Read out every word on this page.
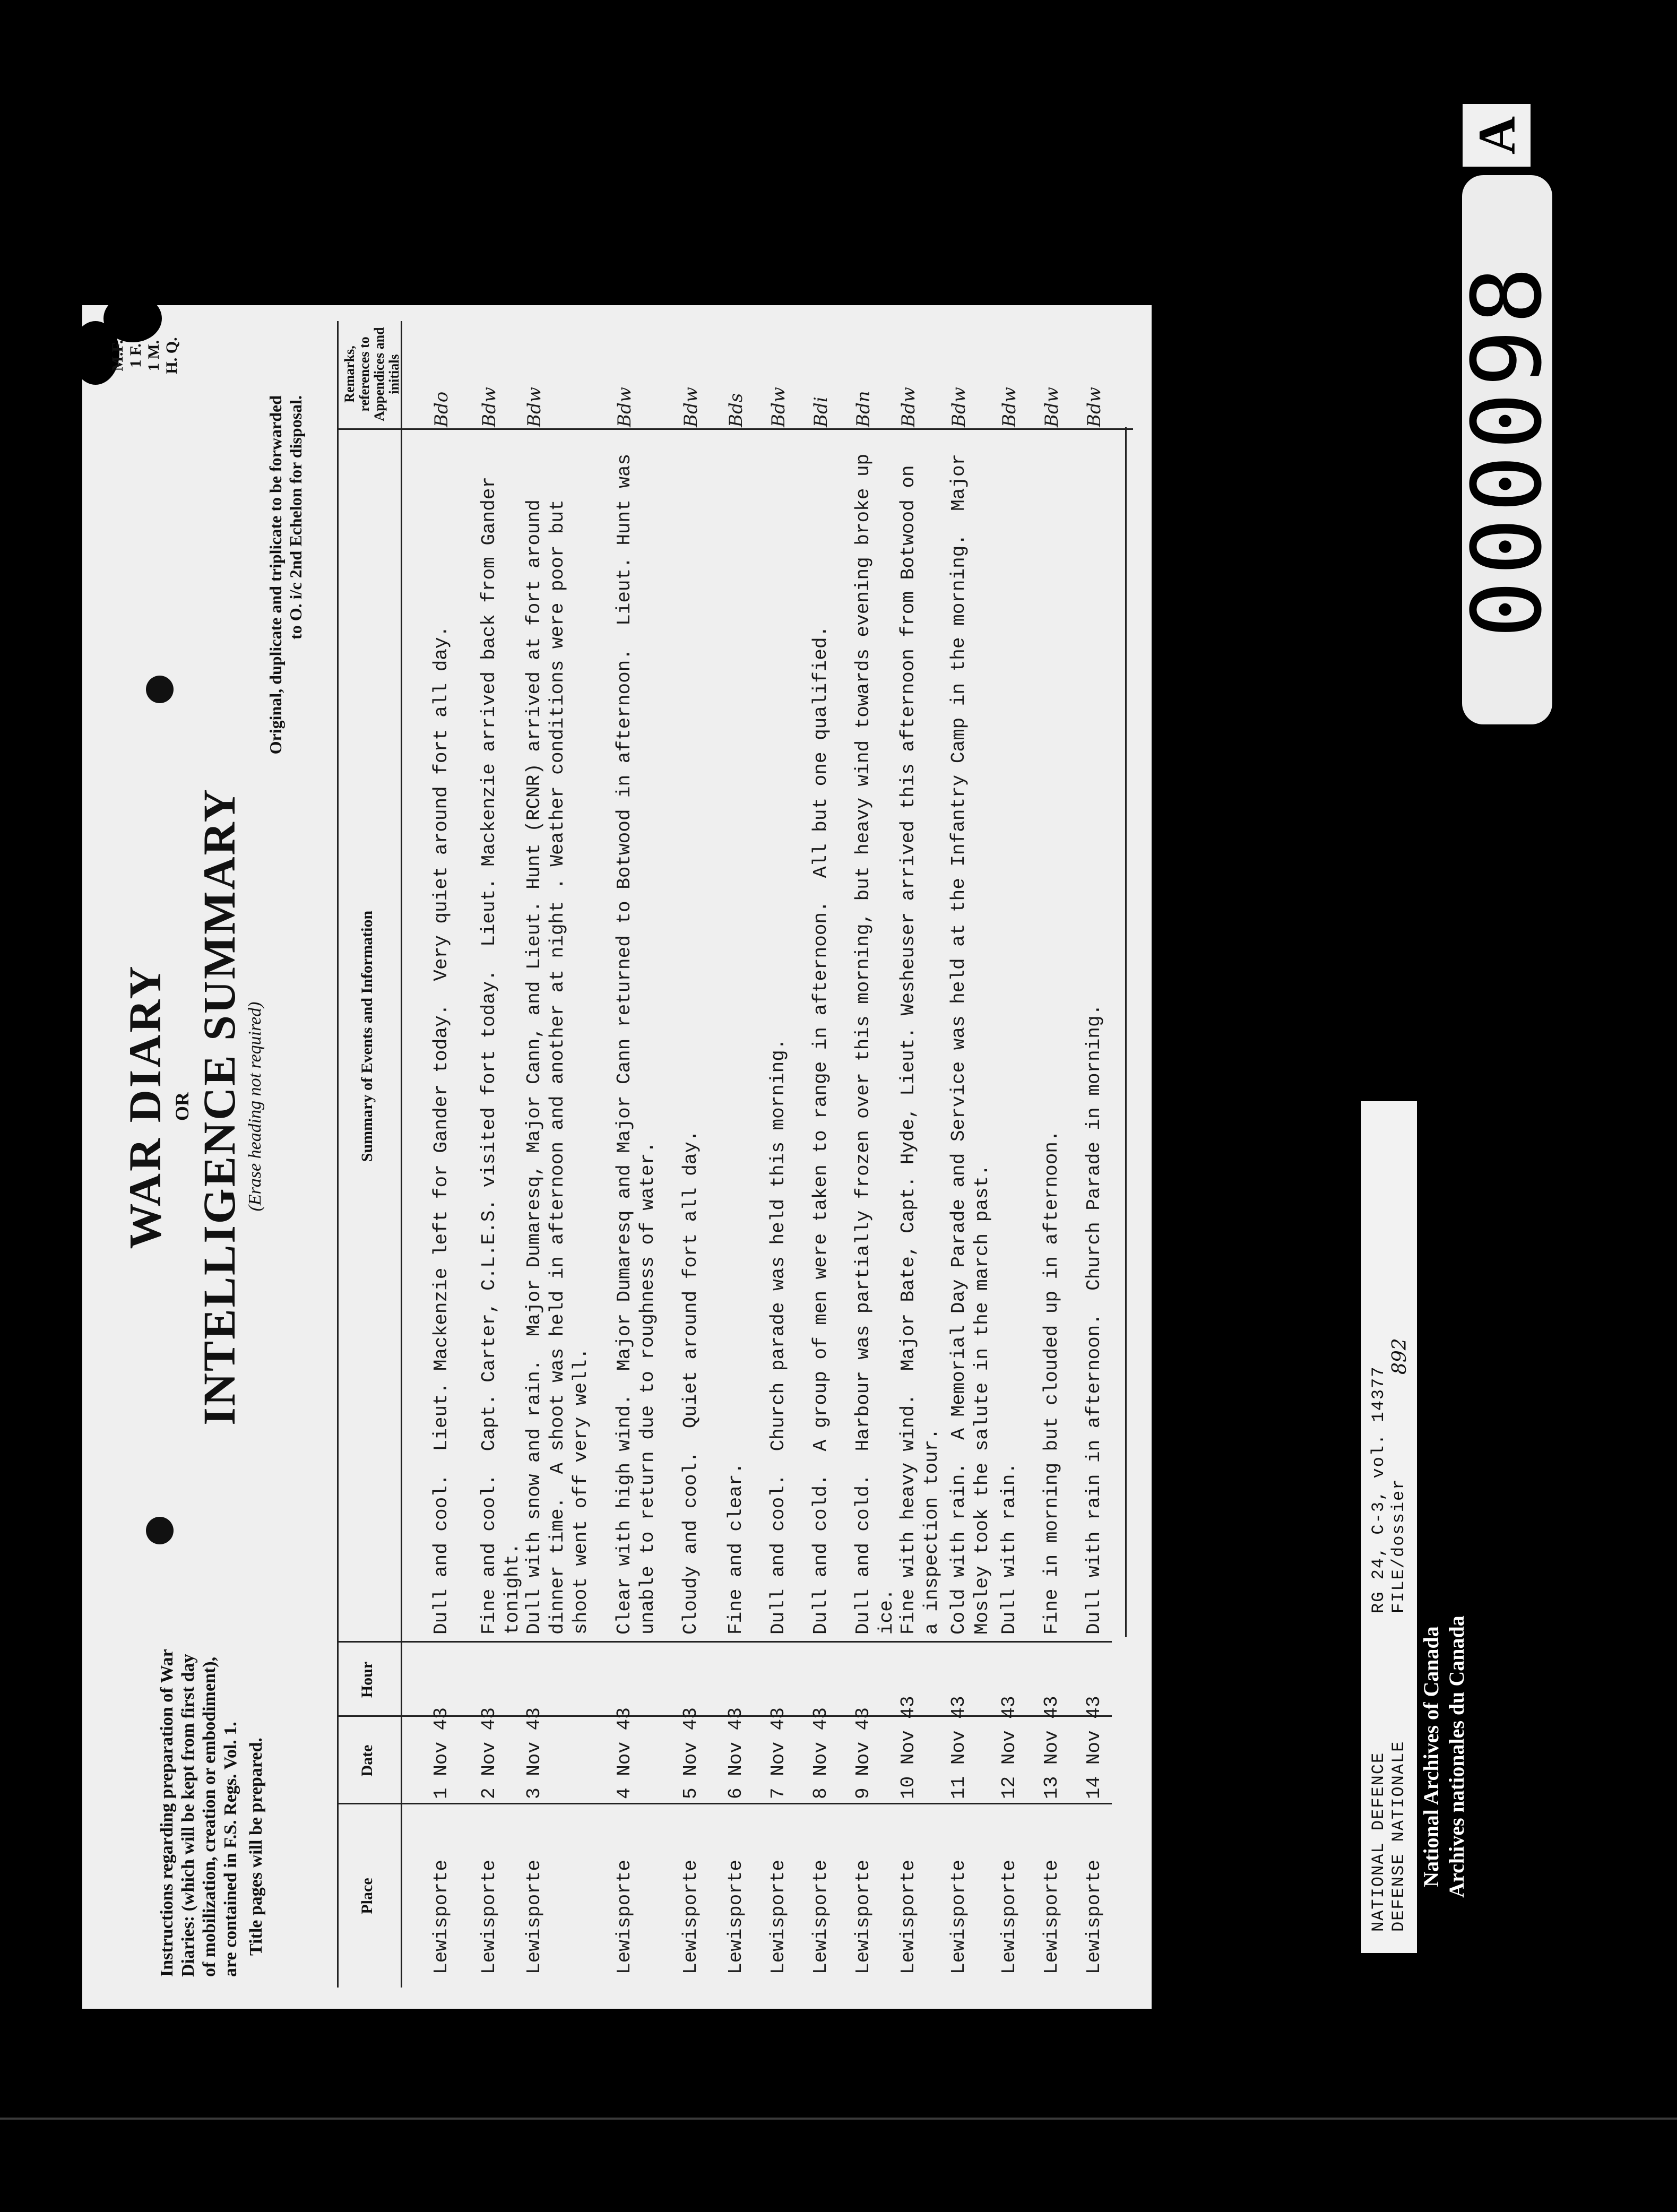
M.F. 1 F. 1 M. H. Q.
Instructions regarding preparation of War Diaries: (which will be kept from first day of mobilization, creation or embodiment), are contained in F.S. Regs. Vol. 1. Title pages will be prepared.
WAR DIARY OR INTELLIGENCE SUMMARY (Erase heading not required)
Original, duplicate and triplicate to be forwarded to O. i/c 2nd Echelon for disposal.
Place
Date
Hour
Summary of Events and Information
Remarks, references to Appendices and initials
Lewisporte
1 Nov 43
Dull and cool.  Lieut. Mackenzie left for Gander today.  Very quiet around fort all day.
Bdo
Lewisporte
2 Nov 43
Fine and cool.  Capt. Carter, C.L.E.S. visited fort today.  Lieut. Mackenzie arrived back from Gander tonight.
Bdw
Lewisporte
3 Nov 43
Dull with snow and rain.  Major Dumaresq, Major Cann, and Lieut. Hunt (RCNR) arrived at fort around dinner time.  A shoot was held in afternoon and another at night . Weather conditions were poor but shoot went off very well.
Bdw
Lewisporte
4 Nov 43
Clear with high wind.  Major Dumaresq and Major Cann returned to Botwood in afternoon.  Lieut. Hunt was unable to return due to roughness of water.
Bdw
Lewisporte
5 Nov 43
Cloudy and cool.  Quiet around fort all day.
Bdw
Lewisporte
6 Nov 43
Fine and clear.
Bds
Lewisporte
7 Nov 43
Dull and cool.  Church parade was held this morning.
Bdw
Lewisporte
8 Nov 43
Dull and cold.  A group of men were taken to range in afternoon.  All but one qualified.
Bdi
Lewisporte
9 Nov 43
Dull and cold.  Harbour was partially frozen over this morning, but heavy wind towards evening broke up ice.
Bdn
Lewisporte
10 Nov 43
Fine with heavy wind.  Major Bate, Capt. Hyde, Lieut. Wesheuser arrived this afternoon from Botwood on a inspection tour.
Bdw
Lewisporte
11 Nov 43
Cold with rain.  A Memorial Day Parade and Service was held at the Infantry Camp in the morning.  Major Mosley took the salute in the march past.
Bdw
Lewisporte
12 Nov 43
Dull with rain.
Bdw
Lewisporte
13 Nov 43
Fine in morning but clouded up in afternoon.
Bdw
Lewisporte
14 Nov 43
Dull with rain in afternoon.  Church Parade in morning.
Bdw
NATIONAL DEFENCE DEFENSE NATIONALE
RG 24, C-3, vol. 14377 FILE/dossier
892
National Archives of Canada Archives nationales du Canada
A
000098
